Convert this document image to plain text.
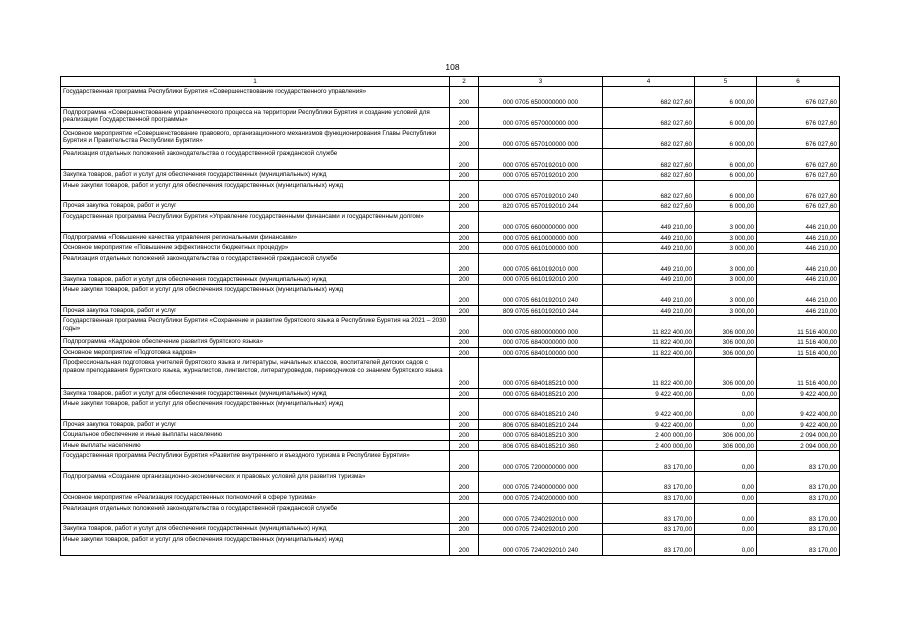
108
1	2	3	4	5	6
Государственная программа Республики Бурятия «Совершенствование государственного управления»	200	000 0705 6500000000 000	682 027,60	6 000,00	676 027,60
Подпрограмма «Совершенствование управленческого процесса на территории Республики Бурятия и создание условий для реализации Государственной программы»	200	000 0705 6570000000 000	682 027,60	6 000,00	676 027,60
Основное мероприятие «Совершенствование правового, организационного механизмов функционирования Главы Республики Бурятия и Правительства Республики Бурятия»	200	000 0705 6570100000 000	682 027,60	6 000,00	676 027,60
Реализация отдельных положений законодательства о государственной гражданской службе	200	000 0705 6570192010 000	682 027,60	6 000,00	676 027,60
Закупка товаров, работ и услуг для обеспечения государственных (муниципальных) нужд	200	000 0705 6570192010 200	682 027,60	6 000,00	676 027,60
Иные закупки товаров, работ и услуг для обеспечения государственных (муниципальных) нужд	200	000 0705 6570192010 240	682 027,60	6 000,00	676 027,60
Прочая закупка товаров, работ и услуг	200	820 0705 6570192010 244	682 027,60	6 000,00	676 027,60
Государственная программа Республики Бурятия «Управление государственными финансами и государственным долгом»	200	000 0705 6600000000 000	449 210,00	3 000,00	446 210,00
Подпрограмма «Повышение качества управления региональными финансами»	200	000 0705 6610000000 000	449 210,00	3 000,00	446 210,00
Основное мероприятие «Повышение эффективности бюджетных процедур»	200	000 0705 6610100000 000	449 210,00	3 000,00	446 210,00
Реализация отдельных положений законодательства о государственной гражданской службе	200	000 0705 6610192010 000	449 210,00	3 000,00	446 210,00
Закупка товаров, работ и услуг для обеспечения государственных (муниципальных) нужд	200	000 0705 6610192010 200	449 210,00	3 000,00	446 210,00
Иные закупки товаров, работ и услуг для обеспечения государственных (муниципальных) нужд	200	000 0705 6610192010 240	449 210,00	3 000,00	446 210,00
Прочая закупка товаров, работ и услуг	200	809 0705 6610192010 244	449 210,00	3 000,00	446 210,00
Государственная программа Республики Бурятия «Сохранение и развитие бурятского языка в Республике Бурятия на 2021 – 2030 годы»	200	000 0705 6800000000 000	11 822 400,00	306 000,00	11 516 400,00
Подпрограмма «Кадровое обеспечение развития бурятского языка»	200	000 0705 6840000000 000	11 822 400,00	306 000,00	11 516 400,00
Основное мероприятие «Подготовка кадров»	200	000 0705 6840100000 000	11 822 400,00	306 000,00	11 516 400,00
Профессиональная подготовка учителей бурятского языка и литературы, начальных классов, воспитателей детских садов с правом преподавания бурятского языка, журналистов, лингвистов, литературоведов, переводчиков со знанием бурятского языка	200	000 0705 6840185210 000	11 822 400,00	306 000,00	11 516 400,00
Закупка товаров, работ и услуг для обеспечения государственных (муниципальных) нужд	200	000 0705 6840185210 200	9 422 400,00	0,00	9 422 400,00
Иные закупки товаров, работ и услуг для обеспечения государственных (муниципальных) нужд	200	000 0705 6840185210 240	9 422 400,00	0,00	9 422 400,00
Прочая закупка товаров, работ и услуг	200	806 0705 6840185210 244	9 422 400,00	0,00	9 422 400,00
Социальное обеспечение и иные выплаты населению	200	000 0705 6840185210 300	2 400 000,00	306 000,00	2 094 000,00
Иные выплаты населению	200	806 0705 6840185210 360	2 400 000,00	306 000,00	2 094 000,00
Государственная программа Республики Бурятия «Развитие внутреннего и въездного туризма в Республике Бурятия»	200	000 0705 7200000000 000	83 170,00	0,00	83 170,00
Подпрограмма «Создание организационно-экономических и правовых условий для развития туризма»	200	000 0705 7240000000 000	83 170,00	0,00	83 170,00
Основное мероприятие «Реализация государственных полномочий в сфере туризма»	200	000 0705 7240200000 000	83 170,00	0,00	83 170,00
Реализация отдельных положений законодательства о государственной гражданской службе	200	000 0705 7240292010 000	83 170,00	0,00	83 170,00
Закупка товаров, работ и услуг для обеспечения государственных (муниципальных) нужд	200	000 0705 7240292010 200	83 170,00	0,00	83 170,00
Иные закупки товаров, работ и услуг для обеспечения государственных (муниципальных) нужд	200	000 0705 7240292010 240	83 170,00	0,00	83 170,00
